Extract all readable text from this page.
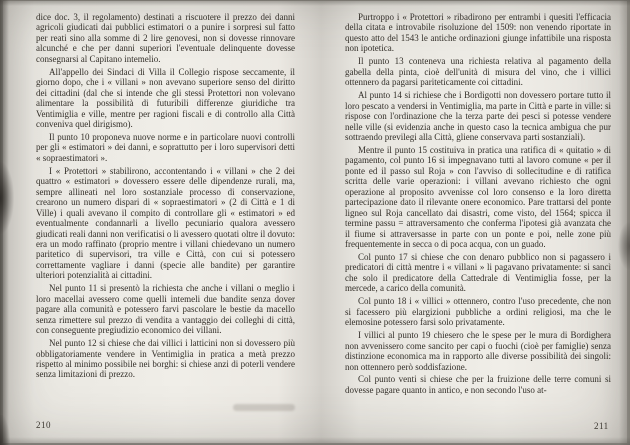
dice doc. 3, il regolamento) destinati a riscuotere il prezzo dei danni agricoli giudicati dai pubblici estimatori o a punire i sorpresi sul fatto per reati sino alla somme di 2 lire genovesi, non si dovesse rinnovare alcunché e che per danni superiori l'eventuale delinquente dovesse consegnarsi al Capitano intemelio.

All'appello dei Sindaci di Villa il Collegio rispose seccamente, il giorno dopo, che i « villani » non avevano superiore senso del diritto dei cittadini (dal che si intende che gli stessi Protettori non volevano alimentare la possibilità di futuribili differenze giuridiche tra Ventimiglia e ville, mentre per ragioni fiscali e di controllo alla Città conveniva quel dirigismo).

Il punto 10 proponeva nuove norme e in particolare nuovi controlli per gli « estimatori » dei danni, e soprattutto per i loro supervisori detti « sopraestimatori ».

I « Protettori » stabilirono, accontentando i « villani » che 2 dei quattro « estimatori » dovessero essere delle dipendenze rurali, ma, sempre allineati nel loro sostanziale processo di conservazione, crearono un numero dispari di « sopraestimatori » (2 di Città e 1 di Ville) i quali avevano il compito di controllare gli « estimatori » ed eventualmente condannarli a livello pecuniario qualora avessero giudicati reali danni non verificatisi o li avessero quotati oltre il dovuto: era un modo raffinato (proprio mentre i villani chiedevano un numero paritetico di supervisori, tra ville e Città, con cui si potessero correttamente vagliare i danni (specie alle bandite) per garantire ulteriori potenzialità ai cittadini.

Nel punto 11 si presentò la richiesta che anche i villani o meglio i loro macellai avessero come quelli intemeli due bandite senza dover pagare alla comunità e potessero farvi pascolare le bestie da macello senza rimettere sul prezzo di vendita a vantaggio dei colleghi di città, con conseguente pregiudizio economico dei villani.

Nel punto 12 si chiese che dai villici i latticini non si dovessero più obbligatoriamente vendere in Ventimiglia in pratica a metà prezzo rispetto al minimo possibile nei borghi: si chiese anzi di poterli vendere senza limitazioni di prezzo.

Purtroppo i « Protettori » ribadirono per entrambi i quesiti l'efficacia della citata e introvabile risoluzione del 1509: non venendo riportate in questo atto del 1543 le antiche ordinazioni giunge infattibile una risposta non ipotetica.

Il punto 13 conteneva una richiesta relativa al pagamento della gabella della pinta, cioè dell'unità di misura del vino, che i villici ottennero da pagarsi pariteticamente coi cittadini.

Al punto 14 si richiese che i Bordigotti non dovessero portare tutto il loro pescato a vendersi in Ventimiglia, ma parte in Città e parte in ville: si rispose con l'ordinazione che la terza parte dei pesci si potesse vendere nelle ville (si evidenzia anche in questo caso la tecnica ambigua che pur sottraendo previlegi alla Città, gliene conservava parti sostanziali).

Mentre il punto 15 costituiva in pratica una ratifica di « quitatio » di pagamento, col punto 16 si impegnavano tutti al lavoro comune « per il ponte ed il passo sul Roja » con l'avviso di sollecitudine e di ratifica scritta delle varie operazioni: i villani avevano richiesto che ogni operazione al proposito avvenisse col loro consenso e la loro diretta partecipazione dato il rilevante onere economico. Pare trattarsi del ponte ligneo sul Roja cancellato dai disastri, come visto, del 1564; spicca il termine passu = attraversamento che conferma l'ipotesi già avanzata che il fiume si attraversasse in parte con un ponte e poi, nelle zone più frequentemente in secca o di poca acqua, con un guado.

Col punto 17 si chiese che con denaro pubblico non si pagassero i predicatori di città mentre i « villani » li pagavano privatamente: si sancì che solo il predicatore della Cattedrale di Ventimiglia fosse, per la mercede, a carico della comunità.

Col punto 18 i « villici » ottennero, contro l'uso precedente, che non si facessero più elargizioni pubbliche a ordini religiosi, ma che le elemosine potessero farsi solo privatamente.

I villici al punto 19 chiesero che le spese per le mura di Bordighera non avvenissero come sancito per capi o fuochi (cioè per famiglie) senza distinzione economica ma in rapporto alle diverse possibilità dei singoli: non ottennero però soddisfazione.

Col punto venti si chiese che per la fruizione delle terre comuni si dovesse pagare quanto in antico, e non secondo l'uso at-

210	211
